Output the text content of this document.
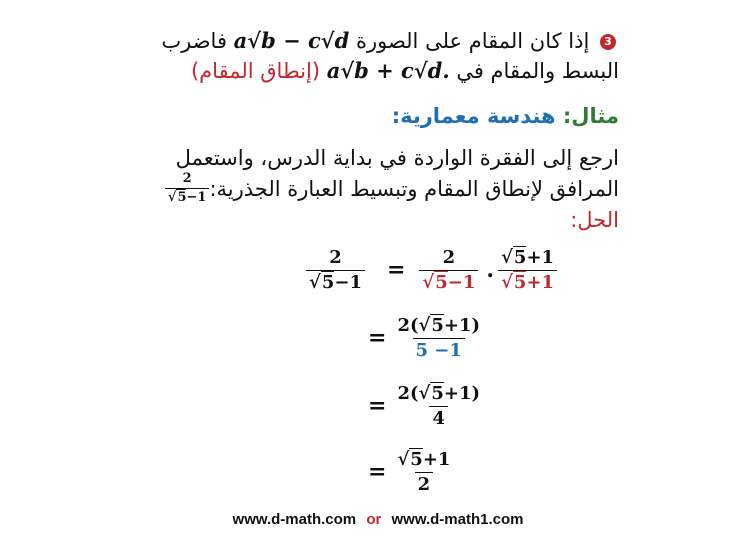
3 إذا كان المقام على الصورة a√b − c√d فاضرب
البسط والمقام في a√b + c√d. (إنطاق المقام)
مثال: هندسة معمارية:
ارجع إلى الفقرة الواردة في بداية الدرس، واستعمل
المرافق لإنطاق المقام وتبسيط العبارة الجذرية:
$\frac{2}{√5-1}$
الحل:
$\frac{2}{√5-1} = \frac{2}{√5-1}$ . $\frac{√5+1}{√5+1}$
= $\frac{2(√5+1)}{5 -1}$
= $\frac{2(√5+1)}{4}$
= $\frac{√5+1}{2}$
www.d-math.com or www.d-math1.com
